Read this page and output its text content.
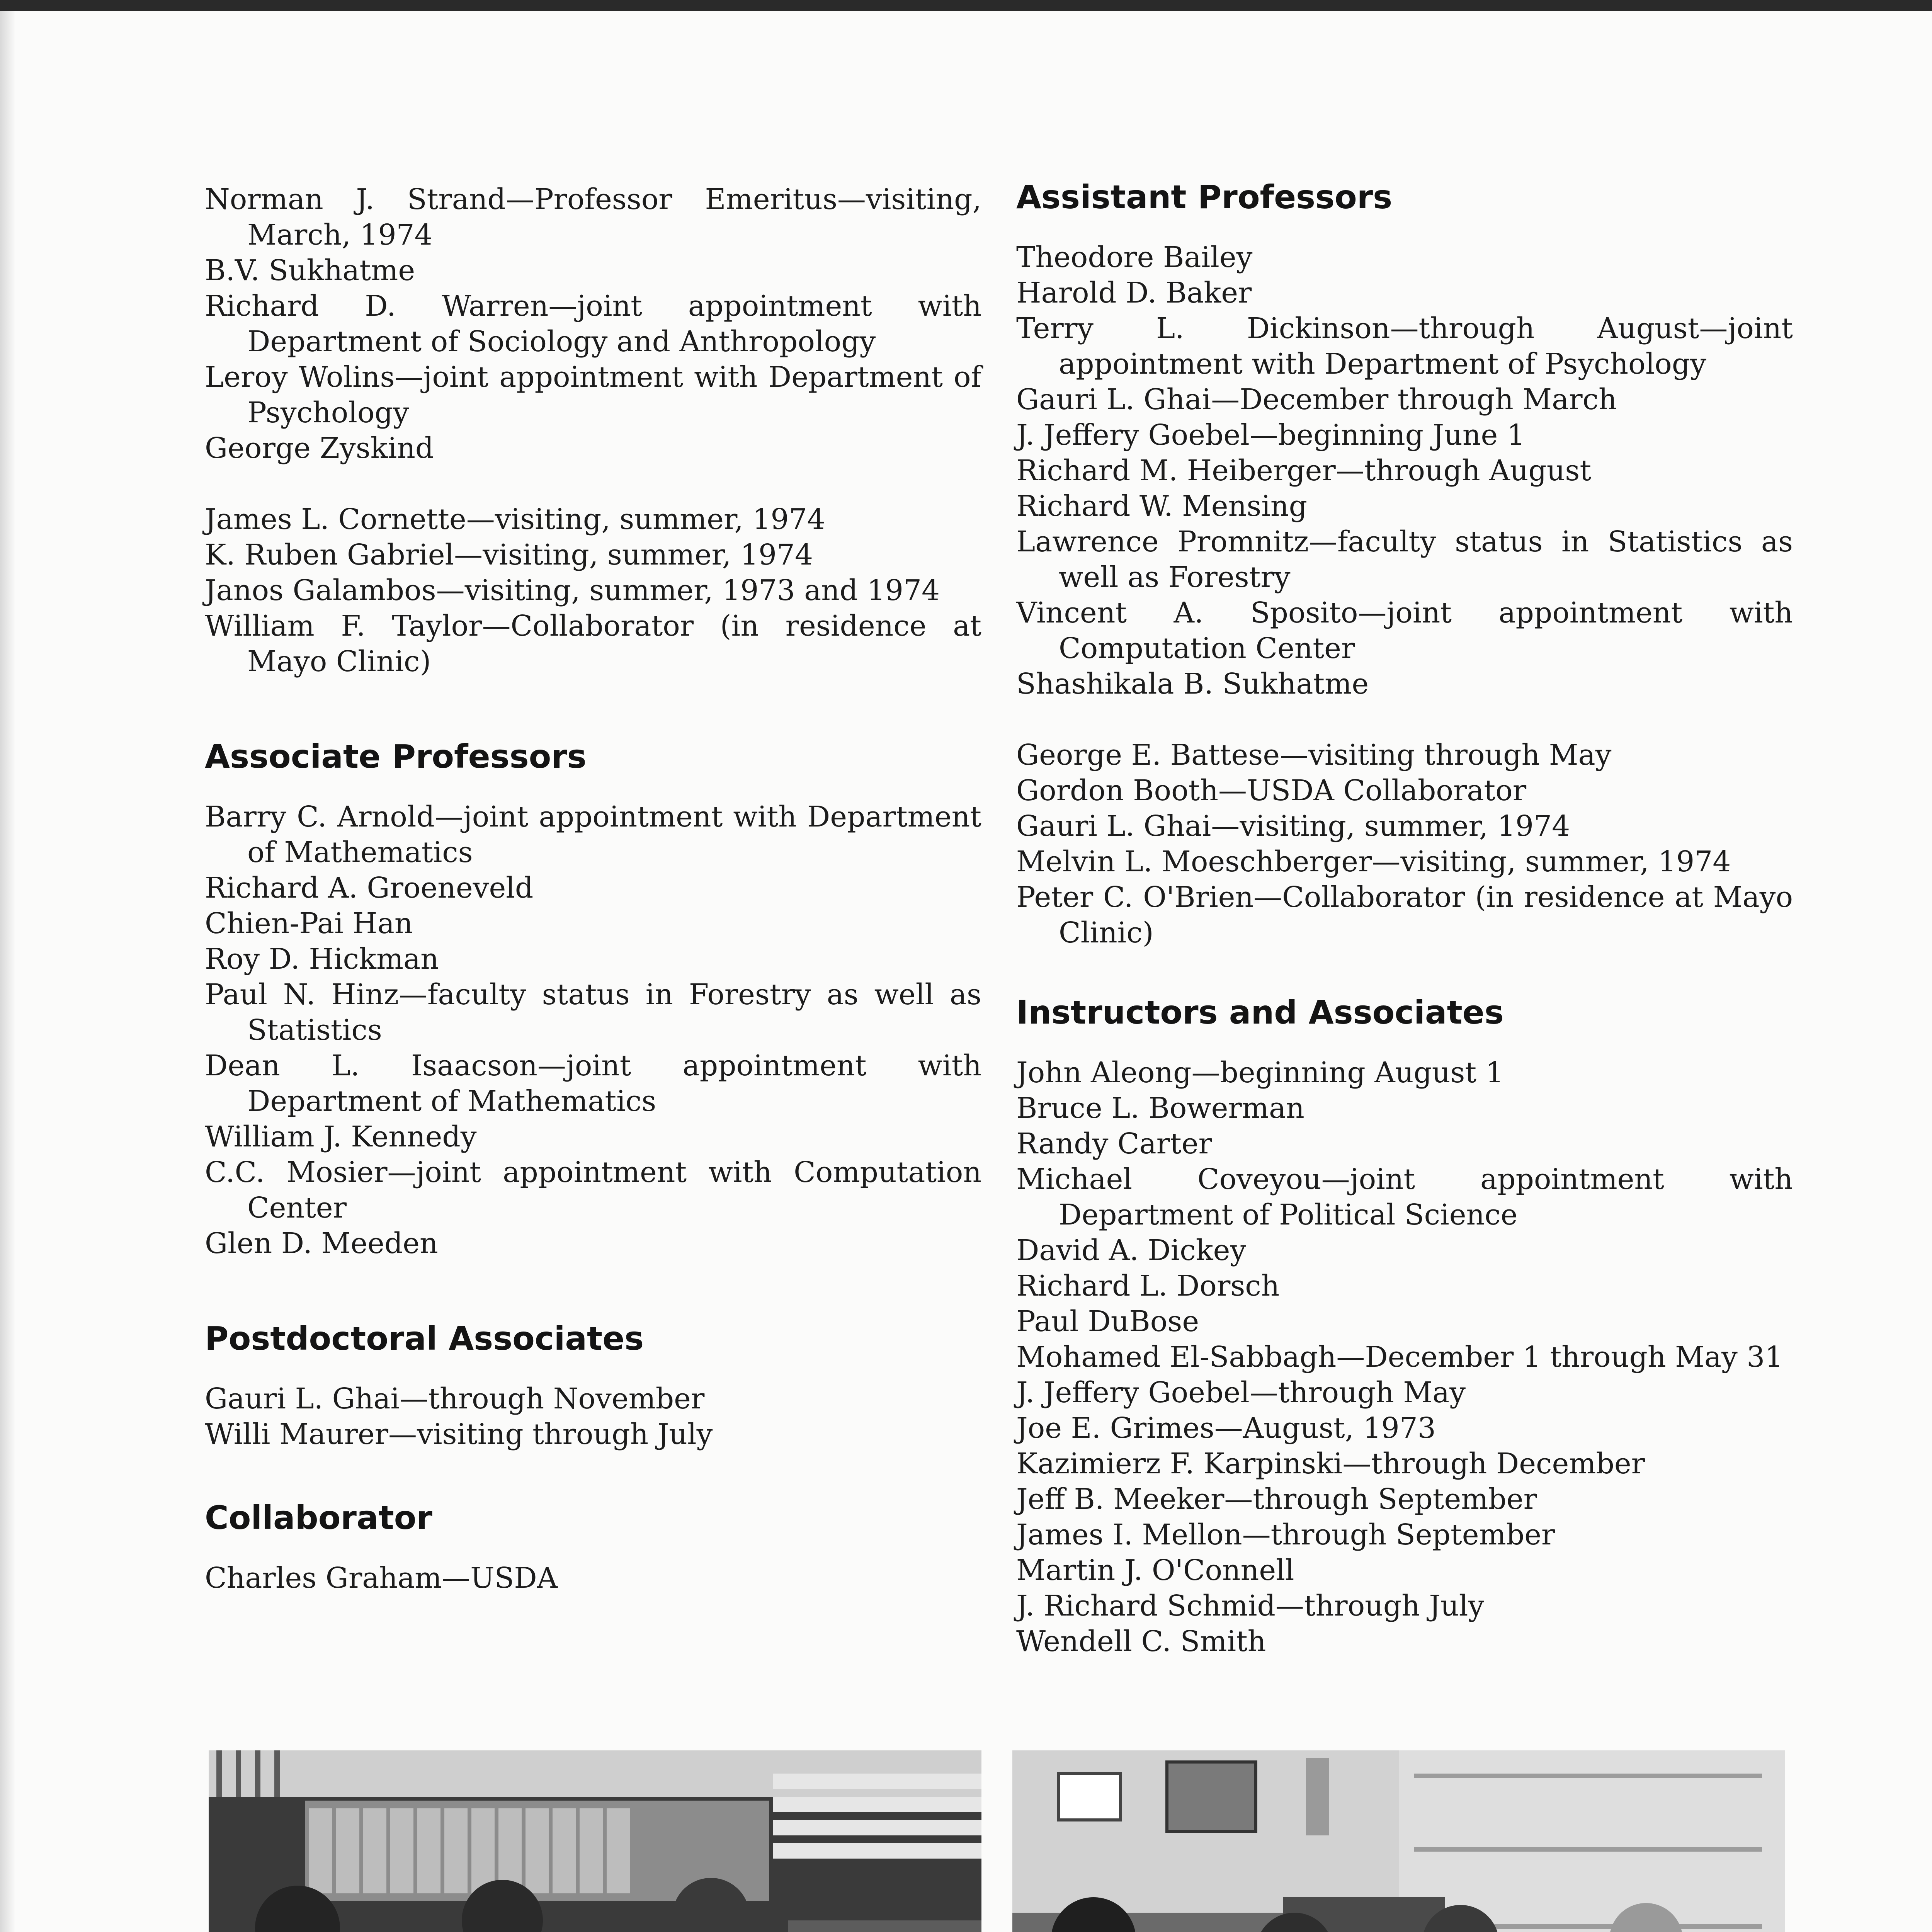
Norman J. Strand—Professor Emeritus—visiting, March, 1974

B.V. Sukhatme

Richard D. Warren—joint appointment with Department of Sociology and Anthropology

Leroy Wolins—joint appointment with Department of Psychology

George Zyskind

James L. Cornette—visiting, summer, 1974

K. Ruben Gabriel—visiting, summer, 1974

Janos Galambos—visiting, summer, 1973 and 1974

William F. Taylor—Collaborator (in residence at Mayo Clinic)

Associate Professors

Barry C. Arnold—joint appointment with Department of Mathematics

Richard A. Groeneveld

Chien-Pai Han

Roy D. Hickman

Paul N. Hinz—faculty status in Forestry as well as Statistics

Dean L. Isaacson—joint appointment with Department of Mathematics

William J. Kennedy

C.C. Mosier—joint appointment with Computation Center

Glen D. Meeden

Postdoctoral Associates

Gauri L. Ghai—through November

Willi Maurer—visiting through July

Collaborator

Charles Graham—USDA

Assistant Professors

Theodore Bailey

Harold D. Baker

Terry L. Dickinson—through August—joint appointment with Department of Psychology

Gauri L. Ghai—December through March

J. Jeffery Goebel—beginning June 1

Richard M. Heiberger—through August

Richard W. Mensing

Lawrence Promnitz—faculty status in Statistics as well as Forestry

Vincent A. Sposito—joint appointment with Computation Center

Shashikala B. Sukhatme

George E. Battese—visiting through May

Gordon Booth—USDA Collaborator

Gauri L. Ghai—visiting, summer, 1974

Melvin L. Moeschberger—visiting, summer, 1974

Peter C. O'Brien—Collaborator (in residence at Mayo Clinic)

Instructors and Associates

John Aleong—beginning August 1

Bruce L. Bowerman

Randy Carter

Michael Coveyou—joint appointment with Department of Political Science

David A. Dickey

Richard L. Dorsch

Paul DuBose

Mohamed El-Sabbagh—December 1 through May 31

J. Jeffery Goebel—through May

Joe E. Grimes—August, 1973

Kazimierz F. Karpinski—through December

Jeff B. Meeker—through September

James I. Mellon—through September

Martin J. O'Connell

J. Richard Schmid—through July

Wendell C. Smith
